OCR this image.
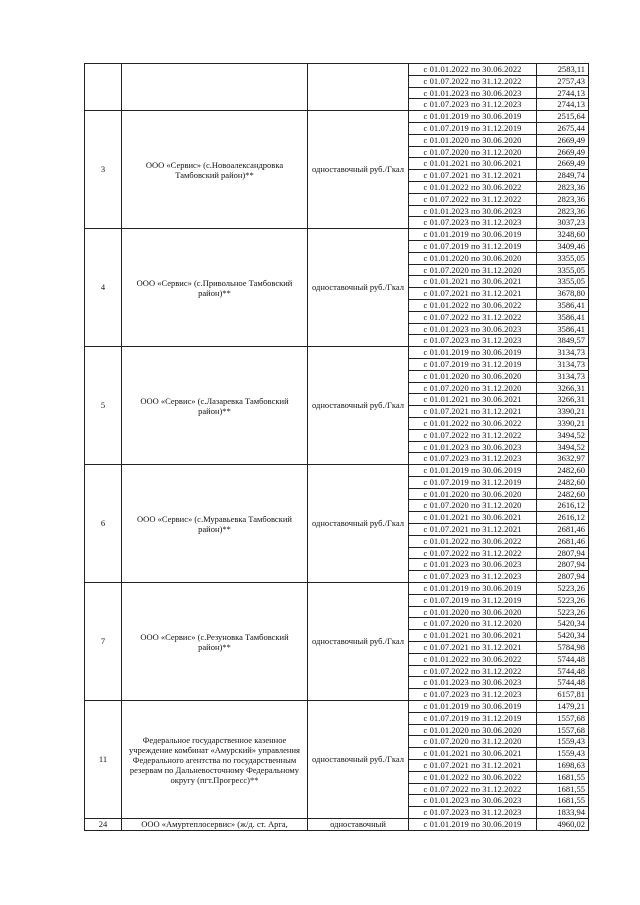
			с 01.01.2022 по 30.06.2022	2583,11
			с 01.07.2022 по 31.12.2022	2757,43
			с 01.01.2023 по 30.06.2023	2744,13
			с 01.07.2023 по 31.12.2023	2744,13
3	ООО «Сервис» (с.Новоалександровка Тамбовский район)**	одноставочный руб./Гкал	с 01.01.2019 по 30.06.2019	2515,64
			с 01.07.2019 по 31.12.2019	2675,44
			с 01.01.2020 по 30.06.2020	2669,49
			с 01.07.2020 по 31.12.2020	2669,49
			с 01.01.2021 по 30.06.2021	2669,49
			с 01.07.2021 по 31.12.2021	2849,74
			с 01.01.2022 по 30.06.2022	2823,36
			с 01.07.2022 по 31.12.2022	2823,36
			с 01.01.2023 по 30.06.2023	2823,36
			с 01.07.2023 по 31.12.2023	3037,23
4	ООО «Сервис» (с.Привольное Тамбовский район)**	одноставочный руб./Гкал	с 01.01.2019 по 30.06.2019	3248,60
			с 01.07.2019 по 31.12.2019	3409,46
			с 01.01.2020 по 30.06.2020	3355,05
			с 01.07.2020 по 31.12.2020	3355,05
			с 01.01.2021 по 30.06.2021	3355,05
			с 01.07.2021 по 31.12.2021	3678,80
			с 01.01.2022 по 30.06.2022	3586,41
			с 01.07.2022 по 31.12.2022	3586,41
			с 01.01.2023 по 30.06.2023	3586,41
			с 01.07.2023 по 31.12.2023	3849,57
5	ООО «Сервис» (с.Лазаревка Тамбовский район)**	одноставочный руб./Гкал	с 01.01.2019 по 30.06.2019	3134,73
			с 01.07.2019 по 31.12.2019	3134,73
			с 01.01.2020 по 30.06.2020	3134,73
			с 01.07.2020 по 31.12.2020	3266,31
			с 01.01.2021 по 30.06.2021	3266,31
			с 01.07.2021 по 31.12.2021	3390,21
			с 01.01.2022 по 30.06.2022	3390,21
			с 01.07.2022 по 31.12.2022	3494,52
			с 01.01.2023 по 30.06.2023	3494,52
			с 01.07.2023 по 31.12.2023	3632,97
6	ООО «Сервис» (с.Муравьевка Тамбовский район)**	одноставочный руб./Гкал	с 01.01.2019 по 30.06.2019	2482,60
			с 01.07.2019 по 31.12.2019	2482,60
			с 01.01.2020 по 30.06.2020	2482,60
			с 01.07.2020 по 31.12.2020	2616,12
			с 01.01.2021 по 30.06.2021	2616,12
			с 01.07.2021 по 31.12.2021	2681,46
			с 01.01.2022 по 30.06.2022	2681,46
			с 01.07.2022 по 31.12.2022	2807,94
			с 01.01.2023 по 30.06.2023	2807,94
			с 01.07.2023 по 31.12.2023	2807,94
7	ООО «Сервис» (с.Резуновка Тамбовский район)**	одноставочный руб./Гкал	с 01.01.2019 по 30.06.2019	5223,26
			с 01.07.2019 по 31.12.2019	5223,26
			с 01.01.2020 по 30.06.2020	5223,26
			с 01.07.2020 по 31.12.2020	5420,34
			с 01.01.2021 по 30.06.2021	5420,34
			с 01.07.2021 по 31.12.2021	5784,98
			с 01.01.2022 по 30.06.2022	5744,48
			с 01.07.2022 по 31.12.2022	5744,48
			с 01.01.2023 по 30.06.2023	5744,48
			с 01.07.2023 по 31.12.2023	6157,81
11	Федеральное государственное казенное учреждение комбинат «Амурский» управления Федерального агентства по государственным резервам по Дальневосточному Федеральному округу (пгт.Прогресс)**	одноставочный руб./Гкал	с 01.01.2019 по 30.06.2019	1479,21
			с 01.07.2019 по 31.12.2019	1557,68
			с 01.01.2020 по 30.06.2020	1557,68
			с 01.07.2020 по 31.12.2020	1559,43
			с 01.01.2021 по 30.06.2021	1559,43
			с 01.07.2021 по 31.12.2021	1698,63
			с 01.01.2022 по 30.06.2022	1681,55
			с 01.07.2022 по 31.12.2022	1681,55
			с 01.01.2023 по 30.06.2023	1681,55
			с 01.07.2023 по 31.12.2023	1833,94
24	ООО «Амуртеплосервис» (ж/д. ст. Арга,	одноставочный	с 01.01.2019 по 30.06.2019	4960,02
